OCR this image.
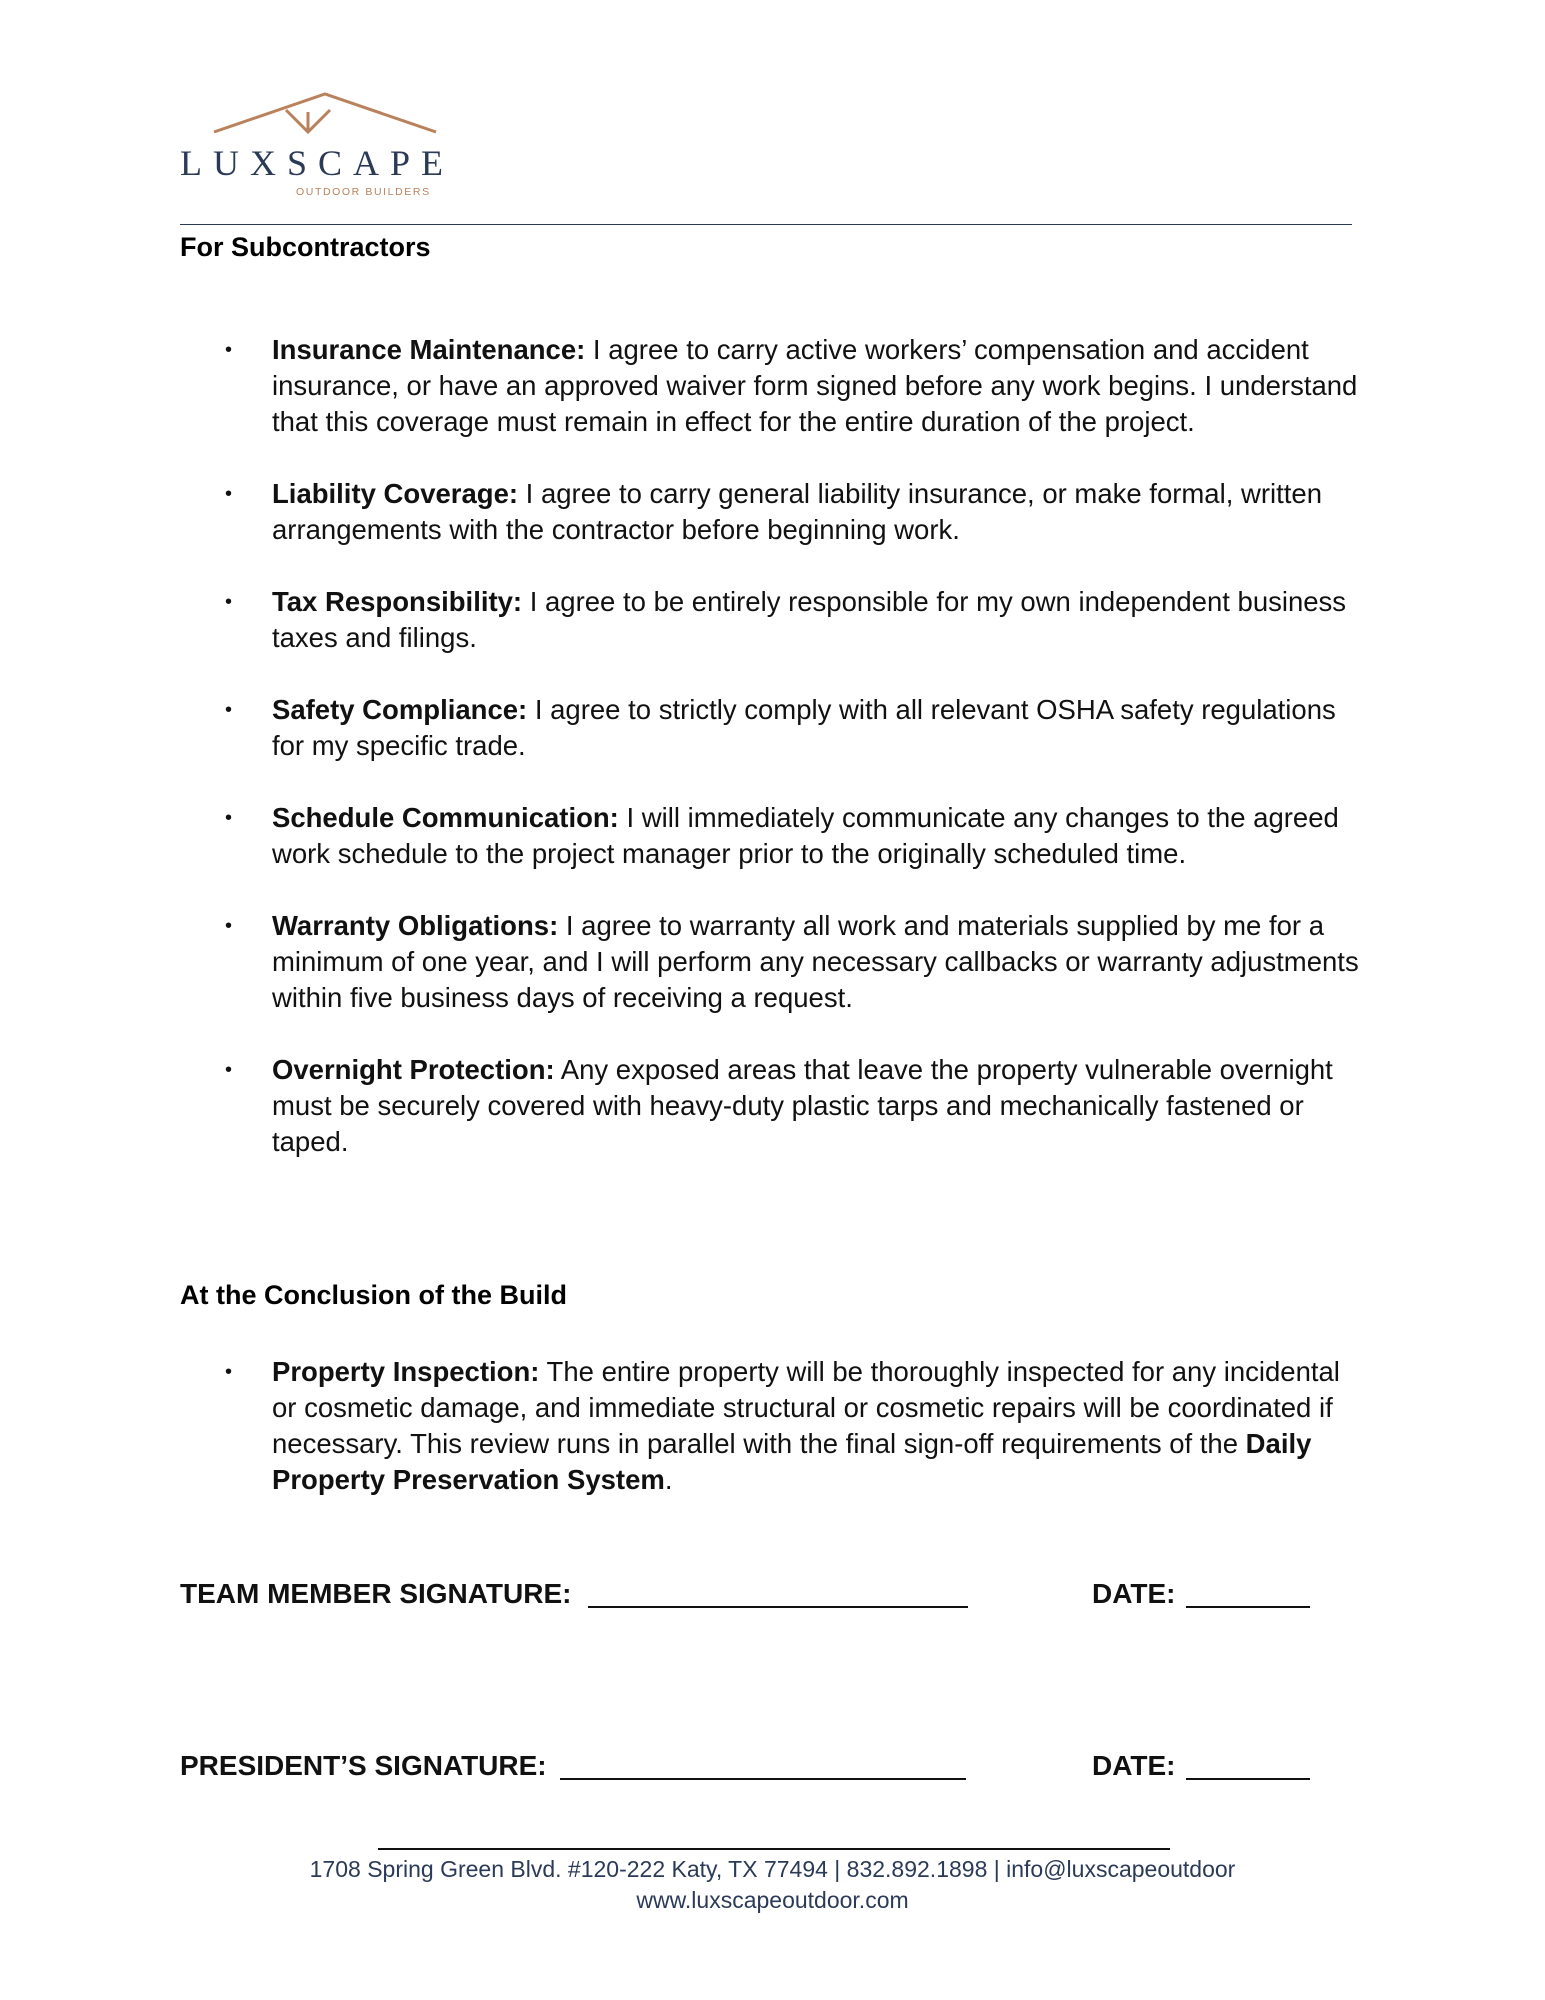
LUXSCAPE
OUTDOOR BUILDERS
For Subcontractors
• Insurance Maintenance: I agree to carry active workers’ compensation and accident insurance, or have an approved waiver form signed before any work begins. I understand that this coverage must remain in effect for the entire duration of the project.
• Liability Coverage: I agree to carry general liability insurance, or make formal, written arrangements with the contractor before beginning work.
• Tax Responsibility: I agree to be entirely responsible for my own independent business taxes and filings.
• Safety Compliance: I agree to strictly comply with all relevant OSHA safety regulations for my specific trade.
• Schedule Communication: I will immediately communicate any changes to the agreed work schedule to the project manager prior to the originally scheduled time.
• Warranty Obligations: I agree to warranty all work and materials supplied by me for a minimum of one year, and I will perform any necessary callbacks or warranty adjustments within five business days of receiving a request.
• Overnight Protection: Any exposed areas that leave the property vulnerable overnight must be securely covered with heavy-duty plastic tarps and mechanically fastened or taped.
At the Conclusion of the Build
• Property Inspection: The entire property will be thoroughly inspected for any incidental or cosmetic damage, and immediate structural or cosmetic repairs will be coordinated if necessary. This review runs in parallel with the final sign-off requirements of the Daily Property Preservation System.
TEAM MEMBER SIGNATURE:	DATE:
PRESIDENT’S SIGNATURE:	DATE:
1708 Spring Green Blvd. #120-222 Katy, TX 77494 | 832.892.1898 | info@luxscapeoutdoor
www.luxscapeoutdoor.com
